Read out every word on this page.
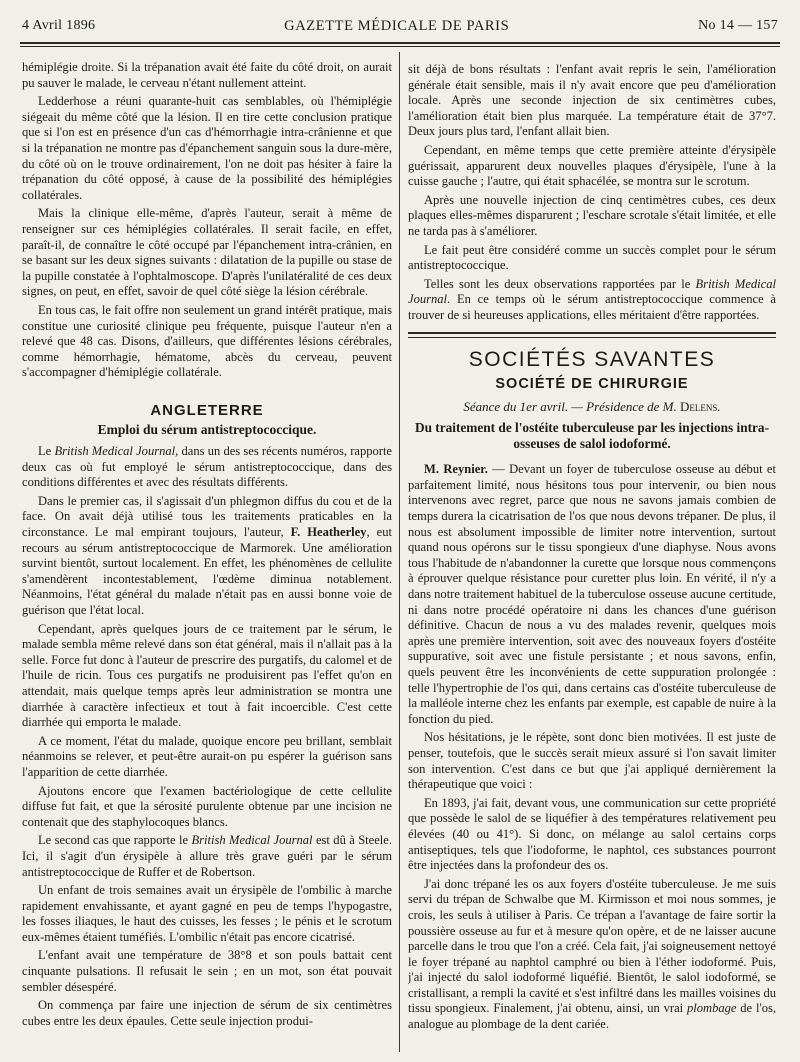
4 Avril 1896	GAZETTE MÉDICALE DE PARIS	No 14 — 157

hémiplégie droite. Si la trépanation avait été faite du côté droit, on aurait pu sauver le malade, le cerveau n'étant nullement atteint.

Ledderhose a réuni quarante-huit cas semblables, où l'hémiplégie siégeait du même côté que la lésion. Il en tire cette conclusion pratique que si l'on est en présence d'un cas d'hémorrhagie intra-crânienne et que si la trépanation ne montre pas d'épanchement sanguin sous la dure-mère, du côté où on le trouve ordinairement, l'on ne doit pas hésiter à faire la trépanation du côté opposé, à cause de la possibilité des hémiplégies collatérales.

Mais la clinique elle-même, d'après l'auteur, serait à même de renseigner sur ces hémiplégies collatérales. Il serait facile, en effet, paraît-il, de connaître le côté occupé par l'épanchement intra-crânien, en se basant sur les deux signes suivants : dilatation de la pupille ou stase de la pupille constatée à l'ophtalmoscope. D'après l'unilatéralité de ces deux signes, on peut, en effet, savoir de quel côté siège la lésion cérébrale.

En tous cas, le fait offre non seulement un grand intérêt pratique, mais constitue une curiosité clinique peu fréquente, puisque l'auteur n'en a relevé que 48 cas. Disons, d'ailleurs, que différentes lésions cérébrales, comme hémorrhagie, hématome, abcès du cerveau, peuvent s'accompagner d'hémiplégie collatérale.

ANGLETERRE
Emploi du sérum antistreptococcique.

Le British Medical Journal, dans un des ses récents numéros, rapporte deux cas où fut employé le sérum antistreptococcique, dans des conditions différentes et avec des résultats différents.

Dans le premier cas, il s'agissait d'un phlegmon diffus du cou et de la face. On avait déjà utilisé tous les traitements praticables en la circonstance. Le mal empirant toujours, l'auteur, F. Heatherley, eut recours au sérum antistreptococcique de Marmorek. Une amélioration survint bientôt, surtout localement. En effet, les phénomènes de cellulite s'amendèrent incontestablement, l'œdème diminua notablement. Néanmoins, l'état général du malade n'était pas en aussi bonne voie de guérison que l'état local.

Cependant, après quelques jours de ce traitement par le sérum, le malade sembla même relevé dans son état général, mais il n'allait pas à la selle. Force fut donc à l'auteur de prescrire des purgatifs, du calomel et de l'huile de ricin. Tous ces purgatifs ne produisirent pas l'effet qu'on en attendait, mais quelque temps après leur administration se montra une diarrhée à caractère infectieux et tout à fait incoercible. C'est cette diarrhée qui emporta le malade.

A ce moment, l'état du malade, quoique encore peu brillant, semblait néanmoins se relever, et peut-être aurait-on pu espérer la guérison sans l'apparition de cette diarrhée.

Ajoutons encore que l'examen bactériologique de cette cellulite diffuse fut fait, et que la sérosité purulente obtenue par une incision ne contenait que des staphylocoques blancs.

Le second cas que rapporte le British Medical Journal est dû à Steele. Ici, il s'agit d'un érysipèle à allure très grave guéri par le sérum antistreptococcique de Ruffer et de Robertson.

Un enfant de trois semaines avait un érysipèle de l'ombilic à marche rapidement envahissante, et ayant gagné en peu de temps l'hypogastre, les fosses iliaques, le haut des cuisses, les fesses ; le pénis et le scrotum eux-mêmes étaient tuméfiés. L'ombilic n'était pas encore cicatrisé.

L'enfant avait une température de 38°8 et son pouls battait cent cinquante pulsations. Il refusait le sein ; en un mot, son état pouvait sembler désespéré.

On commença par faire une injection de sérum de six centimètres cubes entre les deux épaules. Cette seule injection produi-

sit déjà de bons résultats : l'enfant avait repris le sein, l'amélioration générale était sensible, mais il n'y avait encore que peu d'amélioration locale. Après une seconde injection de six centimètres cubes, l'amélioration était bien plus marquée. La température était de 37°7. Deux jours plus tard, l'enfant allait bien.

Cependant, en même temps que cette première atteinte d'érysipèle guérissait, apparurent deux nouvelles plaques d'érysipèle, l'une à la cuisse gauche ; l'autre, qui était sphacélée, se montra sur le scrotum.

Après une nouvelle injection de cinq centimètres cubes, ces deux plaques elles-mêmes disparurent ; l'eschare scrotale s'était limitée, et elle ne tarda pas à s'améliorer.

Le fait peut être considéré comme un succès complet pour le sérum antistreptococcique.

Telles sont les deux observations rapportées par le British Medical Journal. En ce temps où le sérum antistreptococcique commence à trouver de si heureuses applications, elles méritaient d'être rapportées.

SOCIÉTÉS SAVANTES
SOCIÉTÉ DE CHIRURGIE
Séance du 1er avril. — Présidence de M. Delens.
Du traitement de l'ostéite tuberculeuse par les injections intra-osseuses de salol iodoformé.

M. Reynier. — Devant un foyer de tuberculose osseuse au début et parfaitement limité, nous hésitons tous pour intervenir, ou bien nous intervenons avec regret, parce que nous ne savons jamais combien de temps durera la cicatrisation de l'os que nous devons trépaner. De plus, il nous est absolument impossible de limiter notre intervention, surtout quand nous opérons sur le tissu spongieux d'une diaphyse. Nous avons tous l'habitude de n'abandonner la curette que lorsque nous commençons à éprouver quelque résistance pour curetter plus loin. En vérité, il n'y a dans notre traitement habituel de la tuberculose osseuse aucune certitude, ni dans notre procédé opératoire ni dans les chances d'une guérison définitive. Chacun de nous a vu des malades revenir, quelques mois après une première intervention, soit avec des nouveaux foyers d'ostéite suppurative, soit avec une fistule persistante ; et nous savons, enfin, quels peuvent être les inconvénients de cette suppuration prolongée : telle l'hypertrophie de l'os qui, dans certains cas d'ostéite tuberculeuse de la malléole interne chez les enfants par exemple, est capable de nuire à la fonction du pied.

Nos hésitations, je le répète, sont donc bien motivées. Il est juste de penser, toutefois, que le succès serait mieux assuré si l'on savait limiter son intervention. C'est dans ce but que j'ai appliqué dernièrement la thérapeutique que voici :

En 1893, j'ai fait, devant vous, une communication sur cette propriété que possède le salol de se liquéfier à des températures relativement peu élevées (40 ou 41°). Si donc, on mélange au salol certains corps antiseptiques, tels que l'iodoforme, le naphtol, ces substances pourront être injectées dans la profondeur des os.

J'ai donc trépané les os aux foyers d'ostéite tuberculeuse. Je me suis servi du trépan de Schwalbe que M. Kirmisson et moi nous sommes, je crois, les seuls à utiliser à Paris. Ce trépan a l'avantage de faire sortir la poussière osseuse au fur et à mesure qu'on opère, et de ne laisser aucune parcelle dans le trou que l'on a créé. Cela fait, j'ai soigneusement nettoyé le foyer trépané au naphtol camphré ou bien à l'éther iodoformé. Puis, j'ai injecté du salol iodoformé liquéfié. Bientôt, le salol iodoformé, se cristallisant, a rempli la cavité et s'est infiltré dans les mailles voisines du tissu spongieux. Finalement, j'ai obtenu, ainsi, un vrai plombage de l'os, analogue au plombage de la dent cariée.
